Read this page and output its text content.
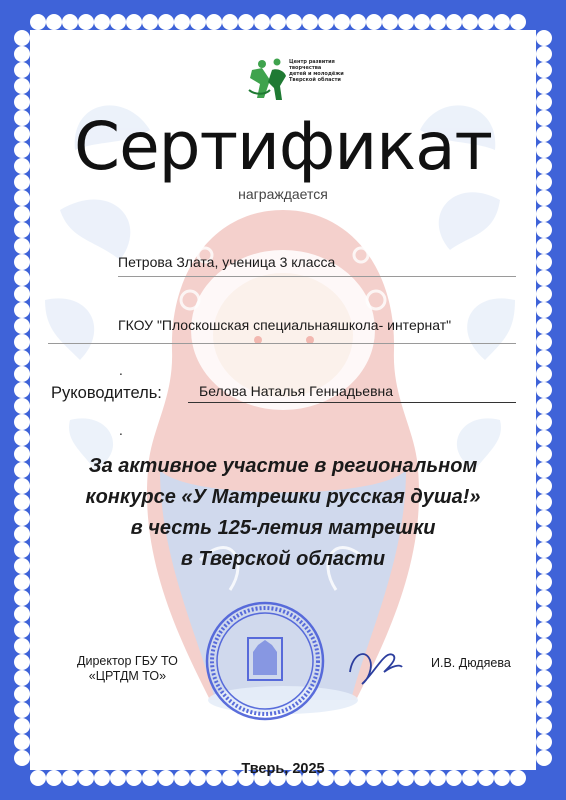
Центр развития творчества
детей и молодёжи
Тверской области
Сертификат
награждается
Петрова Злата, ученица 3 класса
ГКОУ "Плоскошская специальнаяшкола- интернат"
.
Руководитель:	Белова Наталья Геннадьевна
.
За активное участие в региональном
конкурсе «У Матрешки русская душа!»
в честь 125-летия матрешки
в Тверской области
Директор ГБУ ТО
«ЦРТДМ ТО»
И.В. Дюдяева
Тверь, 2025
